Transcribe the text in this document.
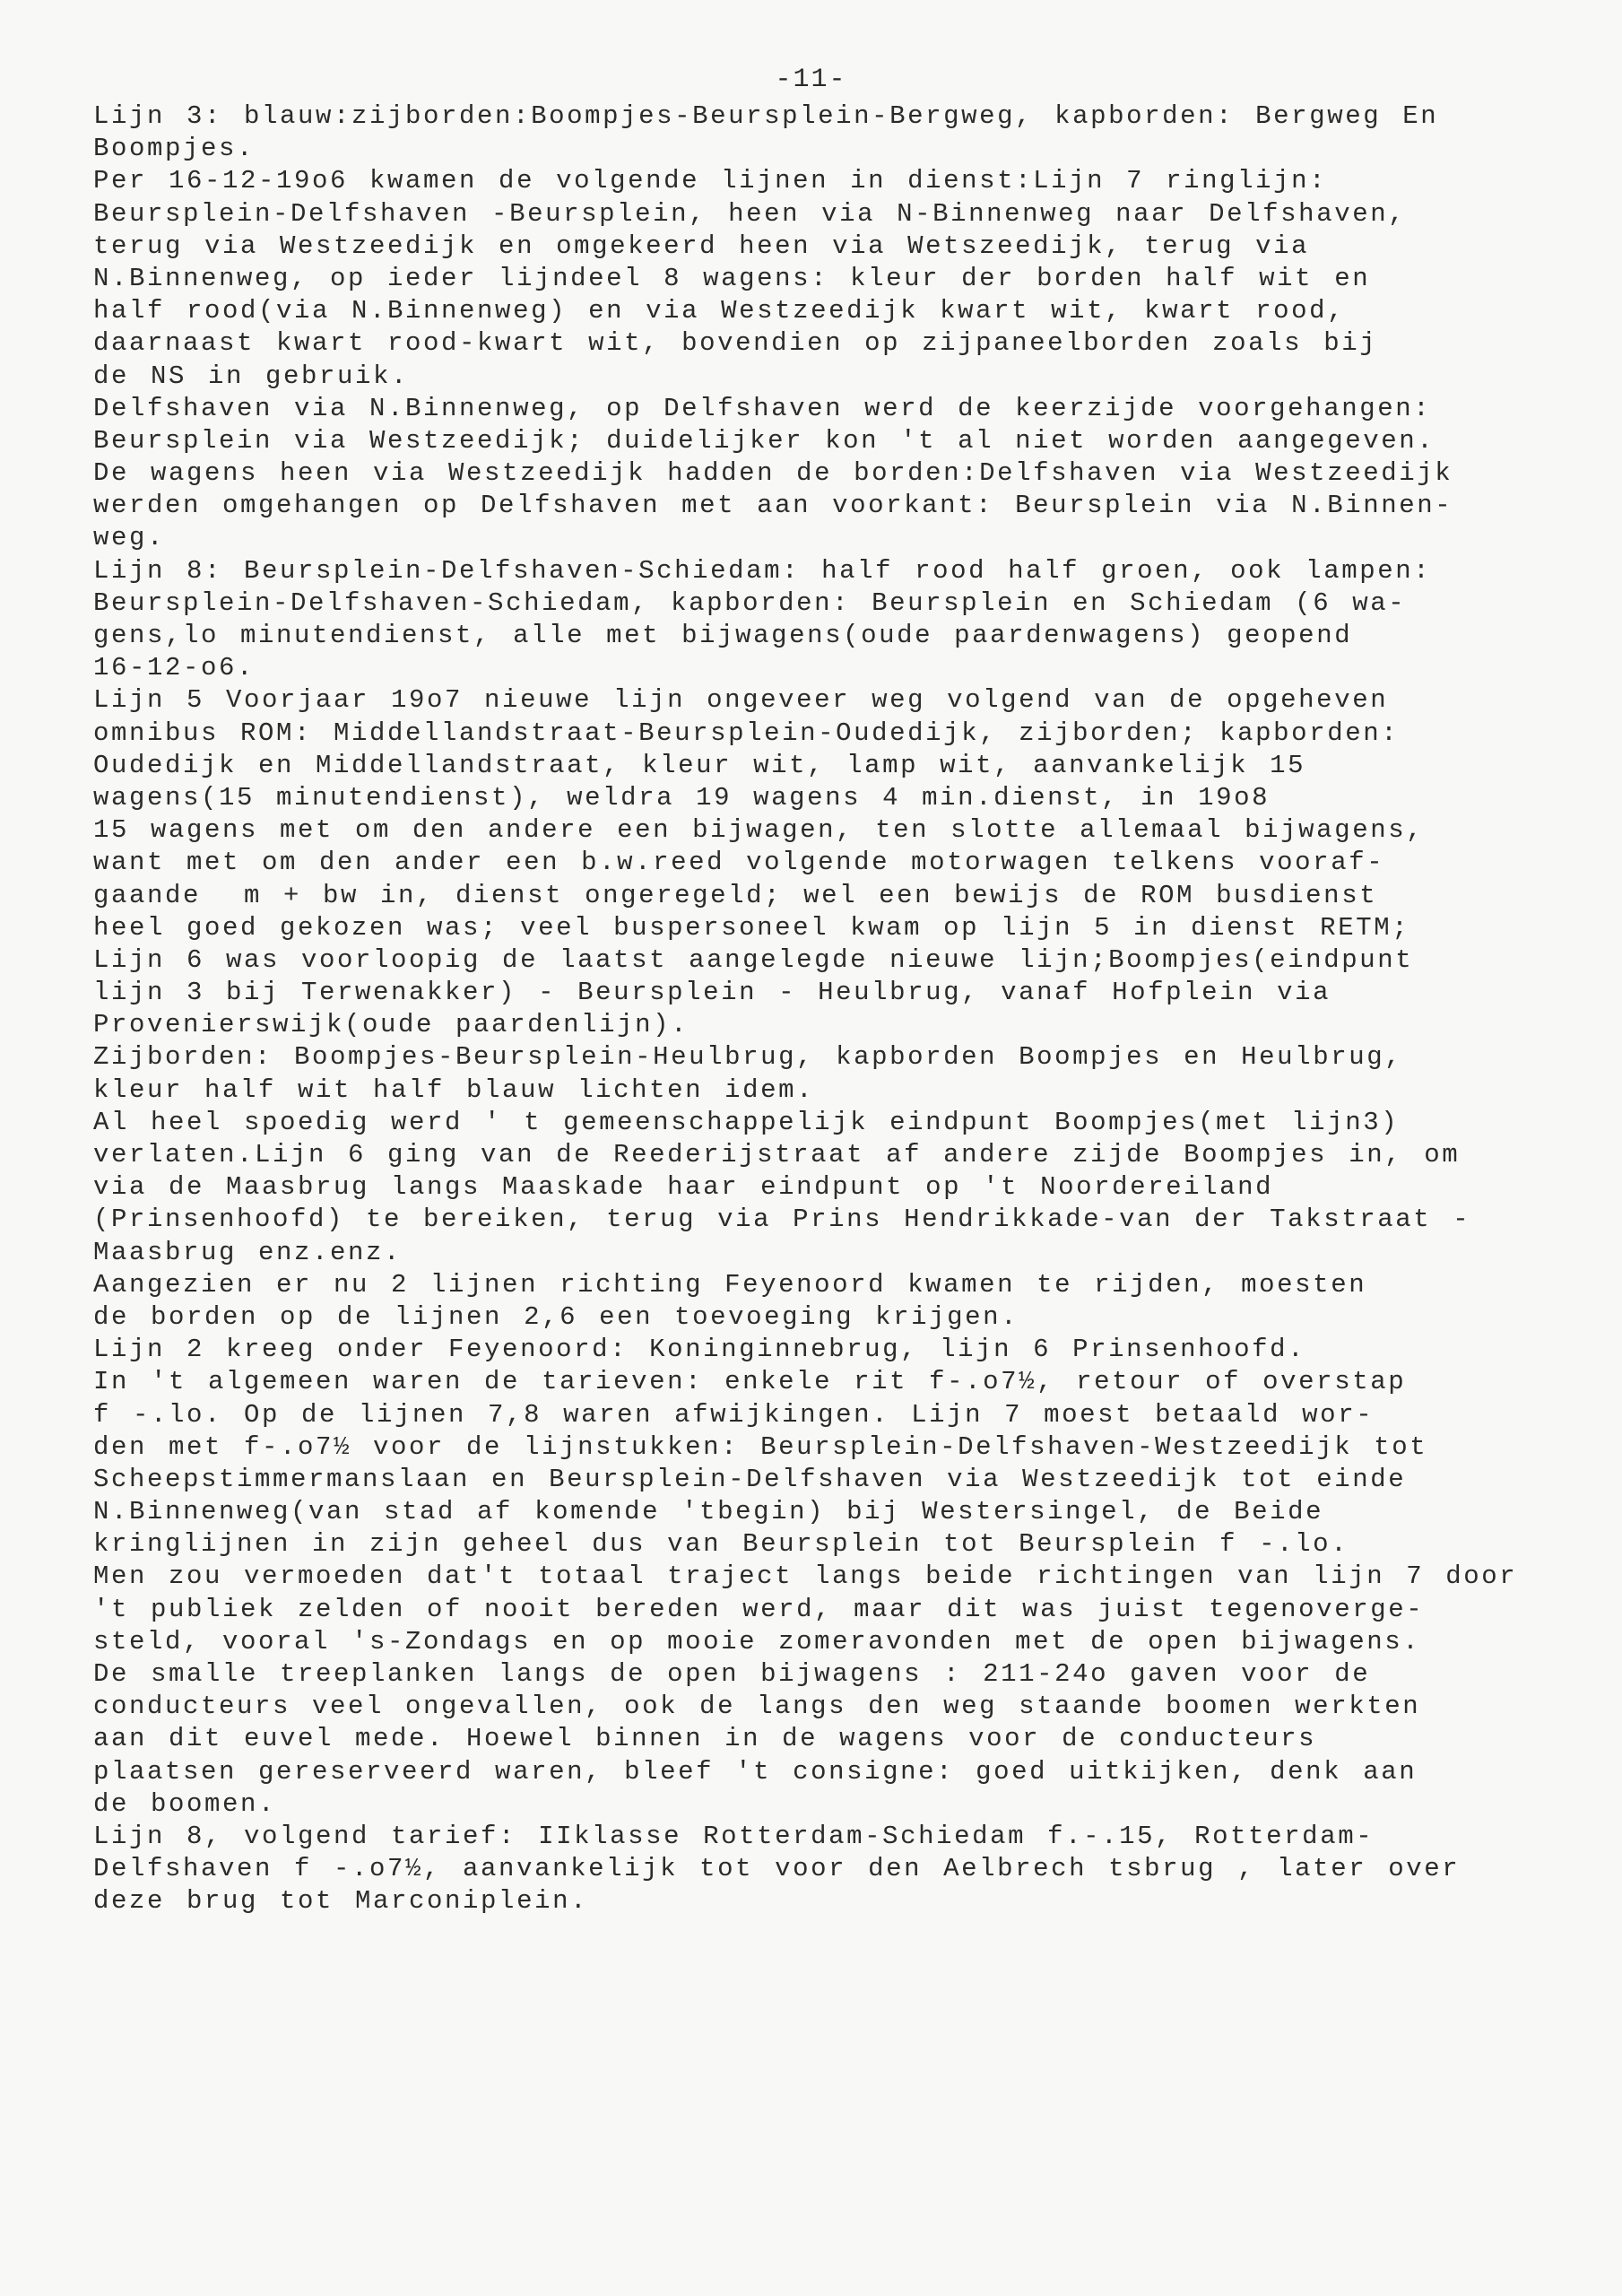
-11-
Lijn 3: blauw:zijborden:Boompjes-Beursplein-Bergweg, kapborden: Bergweg En
Boompjes.
Per 16-12-19o6 kwamen de volgende lijnen in dienst:Lijn 7 ringlijn:
Beursplein-Delfshaven -Beursplein, heen via N-Binnenweg naar Delfshaven,
terug via Westzeedijk en omgekeerd heen via Wetszeedijk, terug via
N.Binnenweg, op ieder lijndeel 8 wagens: kleur der borden half wit en
half rood(via N.Binnenweg) en via Westzeedijk kwart wit, kwart rood,
daarnaast kwart rood-kwart wit, bovendien op zijpaneelborden zoals bij
de NS in gebruik.
Delfshaven via N.Binnenweg, op Delfshaven werd de keerzijde voorgehangen:
Beursplein via Westzeedijk; duidelijker kon 't al niet worden aangegeven.
De wagens heen via Westzeedijk hadden de borden:Delfshaven via Westzeedijk
werden omgehangen op Delfshaven met aan voorkant: Beursplein via N.Binnen-
weg.
Lijn 8: Beursplein-Delfshaven-Schiedam: half rood half groen, ook lampen:
Beursplein-Delfshaven-Schiedam, kapborden: Beursplein en Schiedam (6 wa-
gens,lo minutendienst, alle met bijwagens(oude paardenwagens) geopend
16-12-o6.
Lijn 5 Voorjaar 19o7 nieuwe lijn ongeveer weg volgend van de opgeheven
omnibus ROM: Middellandstraat-Beursplein-Oudedijk, zijborden; kapborden:
Oudedijk en Middellandstraat, kleur wit, lamp wit, aanvankelijk 15
wagens(15 minutendienst), weldra 19 wagens 4 min.dienst, in 19o8
15 wagens met om den andere een bijwagen, ten slotte allemaal bijwagens,
want met om den ander een b.w.reed volgende motorwagen telkens vooraf-
gaande  m + bw in, dienst ongeregeld; wel een bewijs de ROM busdienst
heel goed gekozen was; veel buspersoneel kwam op lijn 5 in dienst RETM;
Lijn 6 was voorloopig de laatst aangelegde nieuwe lijn;Boompjes(eindpunt
lijn 3 bij Terwenakker) - Beursplein - Heulbrug, vanaf Hofplein via
Provenierswijk(oude paardenlijn).
Zijborden: Boompjes-Beursplein-Heulbrug, kapborden Boompjes en Heulbrug,
kleur half wit half blauw lichten idem.
Al heel spoedig werd ' t gemeenschappelijk eindpunt Boompjes(met lijn3)
verlaten.Lijn 6 ging van de Reederijstraat af andere zijde Boompjes in, om
via de Maasbrug langs Maaskade haar eindpunt op 't Noordereiland
(Prinsenhoofd) te bereiken, terug via Prins Hendrikkade-van der Takstraat -
Maasbrug enz.enz.
Aangezien er nu 2 lijnen richting Feyenoord kwamen te rijden, moesten
de borden op de lijnen 2,6 een toevoeging krijgen.
Lijn 2 kreeg onder Feyenoord: Koninginnebrug, lijn 6 Prinsenhoofd.
In 't algemeen waren de tarieven: enkele rit f-.o7½, retour of overstap
f -.lo. Op de lijnen 7,8 waren afwijkingen. Lijn 7 moest betaald wor-
den met f-.o7½ voor de lijnstukken: Beursplein-Delfshaven-Westzeedijk tot
Scheepstimmermanslaan en Beursplein-Delfshaven via Westzeedijk tot einde
N.Binnenweg(van stad af komende 'tbegin) bij Westersingel, de Beide
kringlijnen in zijn geheel dus van Beursplein tot Beursplein f -.lo.
Men zou vermoeden dat't totaal traject langs beide richtingen van lijn 7 door
't publiek zelden of nooit bereden werd, maar dit was juist tegenoverge-
steld, vooral 's-Zondags en op mooie zomeravonden met de open bijwagens.
De smalle treeplanken langs de open bijwagens : 211-24o gaven voor de
conducteurs veel ongevallen, ook de langs den weg staande boomen werkten
aan dit euvel mede. Hoewel binnen in de wagens voor de conducteurs
plaatsen gereserveerd waren, bleef 't consigne: goed uitkijken, denk aan
de boomen.
Lijn 8, volgend tarief: IIklasse Rotterdam-Schiedam f.-.15, Rotterdam-
Delfshaven f -.o7½, aanvankelijk tot voor den Aelbrech tsbrug , later over
deze brug tot Marconiplein.
